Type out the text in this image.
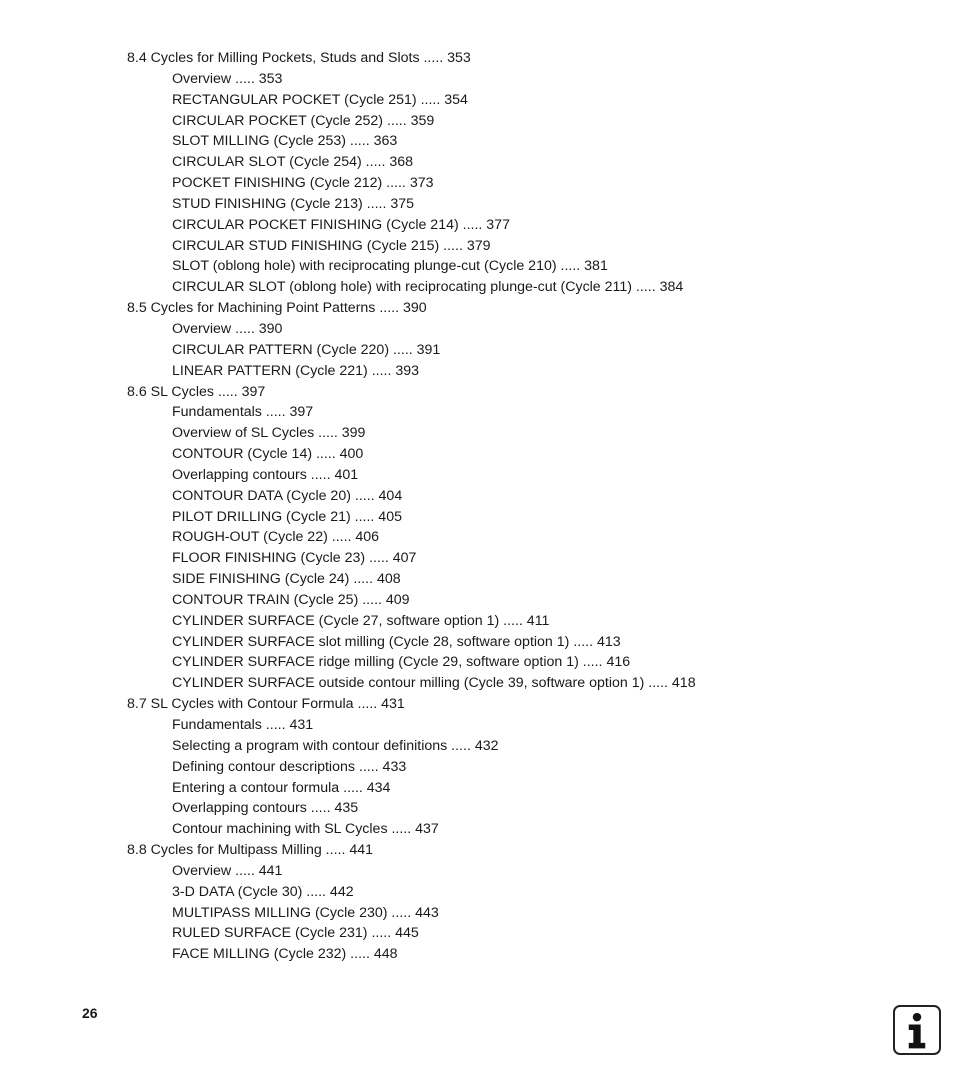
8.4 Cycles for Milling Pockets, Studs and Slots ..... 353
Overview ..... 353
RECTANGULAR POCKET (Cycle 251) ..... 354
CIRCULAR POCKET (Cycle 252) ..... 359
SLOT MILLING (Cycle 253) ..... 363
CIRCULAR SLOT (Cycle 254) ..... 368
POCKET FINISHING (Cycle 212) ..... 373
STUD FINISHING (Cycle 213) ..... 375
CIRCULAR POCKET FINISHING (Cycle 214) ..... 377
CIRCULAR STUD FINISHING (Cycle 215) ..... 379
SLOT (oblong hole) with reciprocating plunge-cut (Cycle 210) ..... 381
CIRCULAR SLOT (oblong hole) with reciprocating plunge-cut (Cycle 211) ..... 384
8.5 Cycles for Machining Point Patterns ..... 390
Overview ..... 390
CIRCULAR PATTERN (Cycle 220) ..... 391
LINEAR PATTERN (Cycle 221) ..... 393
8.6 SL Cycles ..... 397
Fundamentals ..... 397
Overview of SL Cycles ..... 399
CONTOUR (Cycle 14) ..... 400
Overlapping contours ..... 401
CONTOUR DATA (Cycle 20) ..... 404
PILOT DRILLING (Cycle 21) ..... 405
ROUGH-OUT (Cycle 22) ..... 406
FLOOR FINISHING (Cycle 23) ..... 407
SIDE FINISHING (Cycle 24) ..... 408
CONTOUR TRAIN (Cycle 25) ..... 409
CYLINDER SURFACE (Cycle 27, software option 1) ..... 411
CYLINDER SURFACE slot milling (Cycle 28, software option 1) ..... 413
CYLINDER SURFACE ridge milling (Cycle 29, software option 1) ..... 416
CYLINDER SURFACE outside contour milling (Cycle 39, software option 1) ..... 418
8.7 SL Cycles with Contour Formula ..... 431
Fundamentals ..... 431
Selecting a program with contour definitions ..... 432
Defining contour descriptions ..... 433
Entering a contour formula ..... 434
Overlapping contours ..... 435
Contour machining with SL Cycles ..... 437
8.8 Cycles for Multipass Milling ..... 441
Overview ..... 441
3-D DATA (Cycle 30) ..... 442
MULTIPASS MILLING (Cycle 230) ..... 443
RULED SURFACE (Cycle 231) ..... 445
FACE MILLING (Cycle 232) ..... 448
26
